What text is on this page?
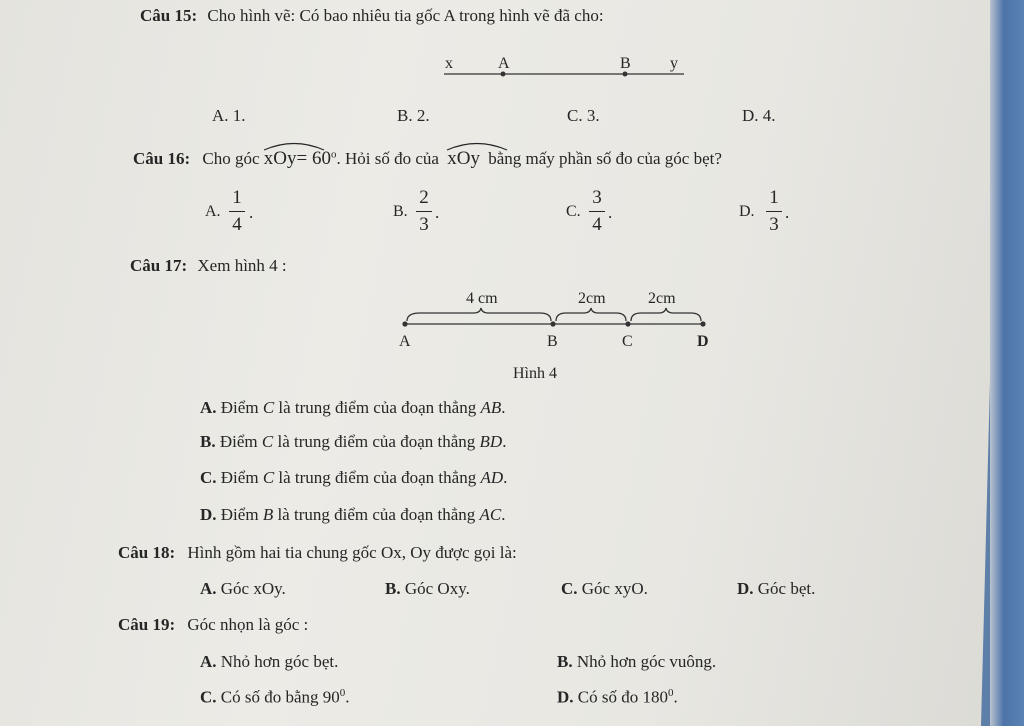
Câu 15: Cho hình vẽ: Có bao nhiêu tia gốc A trong hình vẽ đã cho:
x	A	B y
A. 1.	B. 2.	C. 3.	D. 4.
Câu 16: Cho góc $xOy= 60^o$. Hỏi số đo của xOy bằng mấy phần số đo của góc bẹt?
A.
1
4
.	B.
2
3
.	C.
3
4
.	D.
1
3
.
Câu 17: Xem hình 4 :
4 cm	2cm	2cm
A	B	C	D
Hình 4
A. Điểm C là trung điểm của đoạn thẳng AB.
B. Điểm C là trung điểm của đoạn thẳng BD.
C. Điểm C là trung điểm của đoạn thẳng AD.
D. Điểm B là trung điểm của đoạn thẳng AC.
Câu 18: Hình gồm hai tia chung gốc Ox, Oy được gọi là:
A. Góc xOy.	B. Góc Oxy.	C. Góc xyO.	D. Góc bẹt.
Câu 19: Góc nhọn là góc :
A. Nhỏ hơn góc bẹt.	B. Nhỏ hơn góc vuông.
C. Có số đo bằng $90^0$.	D. Có số đo $180^0$.
